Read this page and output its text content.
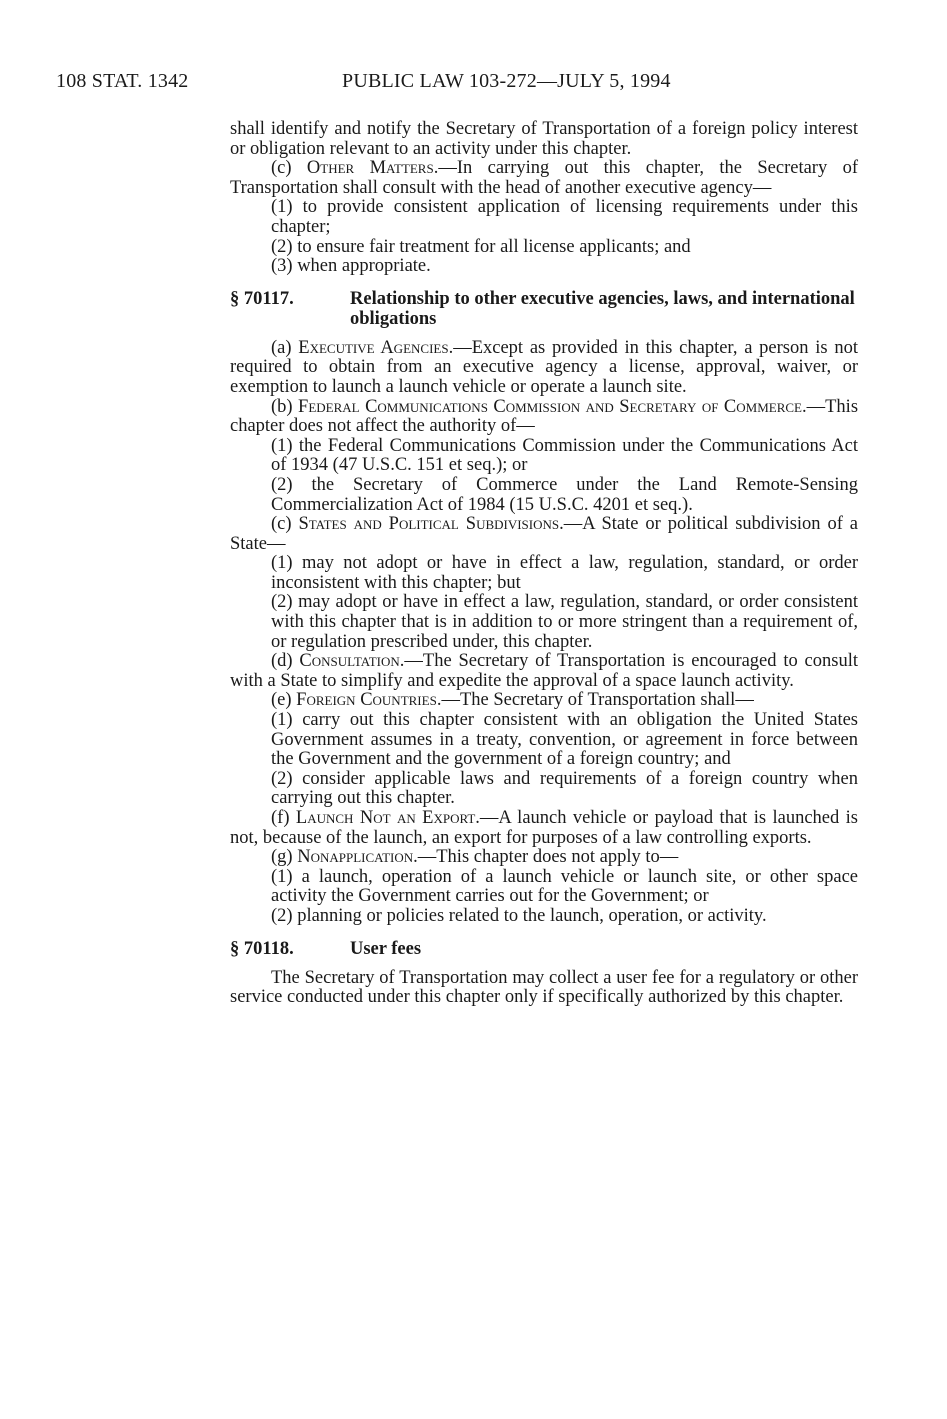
108 STAT. 1342	PUBLIC LAW 103-272—JULY 5, 1994

shall identify and notify the Secretary of Transportation of a foreign policy interest or obligation relevant to an activity under this chapter.

(c) Other Matters.—In carrying out this chapter, the Secretary of Transportation shall consult with the head of another executive agency—

(1) to provide consistent application of licensing requirements under this chapter;

(2) to ensure fair treatment for all license applicants; and

(3) when appropriate.

§ 70117.	Relationship to other executive agencies, laws, and international obligations

(a) Executive Agencies.—Except as provided in this chapter, a person is not required to obtain from an executive agency a license, approval, waiver, or exemption to launch a launch vehicle or operate a launch site.

(b) Federal Communications Commission and Secretary of Commerce.—This chapter does not affect the authority of—

(1) the Federal Communications Commission under the Communications Act of 1934 (47 U.S.C. 151 et seq.); or

(2) the Secretary of Commerce under the Land Remote-Sensing Commercialization Act of 1984 (15 U.S.C. 4201 et seq.).

(c) States and Political Subdivisions.—A State or political subdivision of a State—

(1) may not adopt or have in effect a law, regulation, standard, or order inconsistent with this chapter; but

(2) may adopt or have in effect a law, regulation, standard, or order consistent with this chapter that is in addition to or more stringent than a requirement of, or regulation prescribed under, this chapter.

(d) Consultation.—The Secretary of Transportation is encouraged to consult with a State to simplify and expedite the approval of a space launch activity.

(e) Foreign Countries.—The Secretary of Transportation shall—

(1) carry out this chapter consistent with an obligation the United States Government assumes in a treaty, convention, or agreement in force between the Government and the government of a foreign country; and

(2) consider applicable laws and requirements of a foreign country when carrying out this chapter.

(f) Launch Not an Export.—A launch vehicle or payload that is launched is not, because of the launch, an export for purposes of a law controlling exports.

(g) Nonapplication.—This chapter does not apply to—

(1) a launch, operation of a launch vehicle or launch site, or other space activity the Government carries out for the Government; or

(2) planning or policies related to the launch, operation, or activity.

§ 70118.	User fees

The Secretary of Transportation may collect a user fee for a regulatory or other service conducted under this chapter only if specifically authorized by this chapter.
